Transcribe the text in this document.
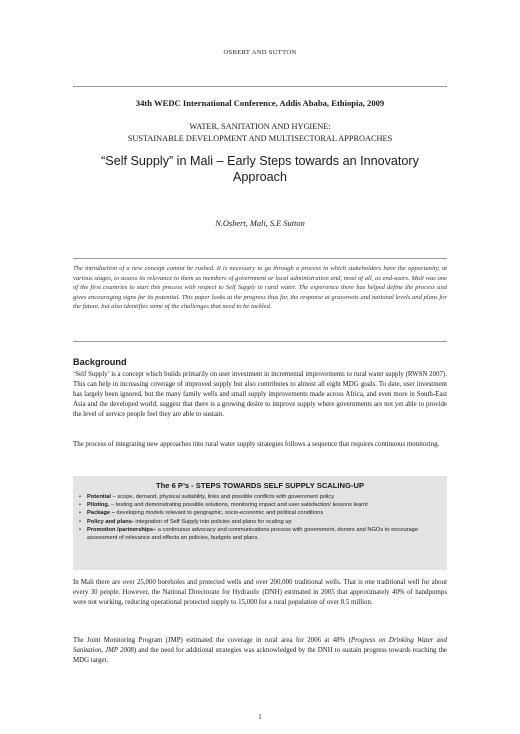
OSBERT AND SUTTON
34th WEDC International Conference, Addis Ababa, Ethiopia, 2009
WATER, SANITATION AND HYGIENE:
SUSTAINABLE DEVELOPMENT AND MULTISECTORAL APPROACHES
“Self Supply” in Mali – Early Steps towards an Innovatory
Approach
N.Osbert, Mali, S.E Sutton
The introduction of a new concept cannot be rushed. It is necessary to go through a process in which stakeholders have the opportunity, at various stages, to assess its relevance to them as members of government or local administration and, most of all, as end-users. Mali was one of the first countries to start this process with respect to Self Supply in rural water. The experience there has helped define the process and gives encouraging signs for its potential. This paper looks at the progress thus far, the response at grassroots and national levels and plans for the future, but also identifies some of the challenges that need to be tackled.
Background
‘Self Supply’ is a concept which builds primarily on user investment in incremental improvements to rural water supply (RWSN 2007). This can help in increasing coverage of improved supply but also contributes to almost all eight MDG goals. To date, user investment has largely been ignored, but the many family wells and small supply improvements made across Africa, and even more in South-East Asia and the developed world, suggest that there is a growing desire to improve supply where governments are not yet able to provide the level of service people feel they are able to sustain.
The process of integrating new approaches into rural water supply strategies follows a sequence that requires continuous monitoring.
The 6 P’s - STEPS TOWARDS SELF SUPPLY SCALING-UP
• Potential – scope, demand, physical suitability, links and possible conflicts with government policy
• Piloting. – testing and demonstrating possible solutions, monitoring impact and user satisfaction/ lessons learnt
• Package – developing models relevant to geographic, socio-economic and political conditions
• Policy and plans- integration of Self Supply into policies and plans for scaling up
• Promotion /partnerships– a continuous advocacy and communications process with government, donors and NGOs to encourage assessment of relevance and effects on policies, budgets and plans.
In Mali there are over 25,000 boreholes and protected wells and over 200,000 traditional wells. That is one traditional well for about every 30 people. However, the National Directorate for Hydraulic (DNH) estimated in 2005 that approximately 40% of handpumps were not working, reducing operational protected supply to 15,000 for a rural population of over 8.5 million.
The Joint Monitoring Program (JMP) estimated the coverage in rural area for 2006 at 48% (Progress on Drinking Water and Sanitation, JMP 2008) and the need for additional strategies was acknowledged by the DNH to sustain progress towards reaching the MDG target.
1
